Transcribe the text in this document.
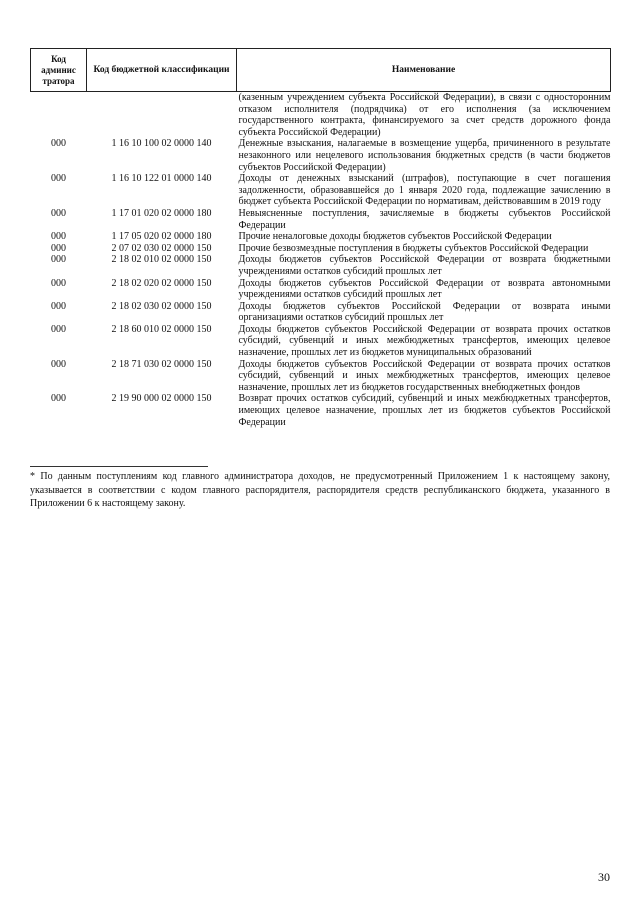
Код админис тратора	Код бюджетной классификации	Наименование
		(казенным учреждением субъекта Российской Федерации), в связи с односторонним отказом исполнителя (подрядчика) от его исполнения (за исключением государственного контракта, финансируемого за счет средств дорожного фонда субъекта Российской Федерации)
000	1 16 10 100 02 0000 140	Денежные взыскания, налагаемые в возмещение ущерба, причиненного в результате незаконного или нецелевого использования бюджетных средств (в части бюджетов субъектов Российской Федерации)
000	1 16 10 122 01 0000 140	Доходы от денежных взысканий (штрафов), поступающие в счет погашения задолженности, образовавшейся до 1 января 2020 года, подлежащие зачислению в бюджет субъекта Российской Федерации по нормативам, действовавшим в 2019 году
000	1 17 01 020 02 0000 180	Невыясненные поступления, зачисляемые в бюджеты субъектов Российской Федерации
000	1 17 05 020 02 0000 180	Прочие неналоговые доходы бюджетов субъектов Российской Федерации
000	2 07 02 030 02 0000 150	Прочие безвозмездные поступления в бюджеты субъектов Российской Федерации
000	2 18 02 010 02 0000 150	Доходы бюджетов субъектов Российской Федерации от возврата бюджетными учреждениями остатков субсидий прошлых лет
000	2 18 02 020 02 0000 150	Доходы бюджетов субъектов Российской Федерации от возврата автономными учреждениями остатков субсидий прошлых лет
000	2 18 02 030 02 0000 150	Доходы бюджетов субъектов Российской Федерации от возврата иными организациями остатков субсидий прошлых лет
000	2 18 60 010 02 0000 150	Доходы бюджетов субъектов Российской Федерации от возврата прочих остатков субсидий, субвенций и иных межбюджетных трансфертов, имеющих целевое назначение, прошлых лет из бюджетов муниципальных образований
000	2 18 71 030 02 0000 150	Доходы бюджетов субъектов Российской Федерации от возврата прочих остатков субсидий, субвенций и иных межбюджетных трансфертов, имеющих целевое назначение, прошлых лет из бюджетов государственных внебюджетных фондов
000	2 19 90 000 02 0000 150	Возврат прочих остатков субсидий, субвенций и иных межбюджетных трансфертов, имеющих целевое назначение, прошлых лет из бюджетов субъектов Российской Федерации
* По данным поступлениям код главного администратора доходов, не предусмотренный Приложением 1 к настоящему закону, указывается в соответствии с кодом главного распорядителя, распорядителя средств республиканского бюджета, указанного в Приложении 6 к настоящему закону.
30
